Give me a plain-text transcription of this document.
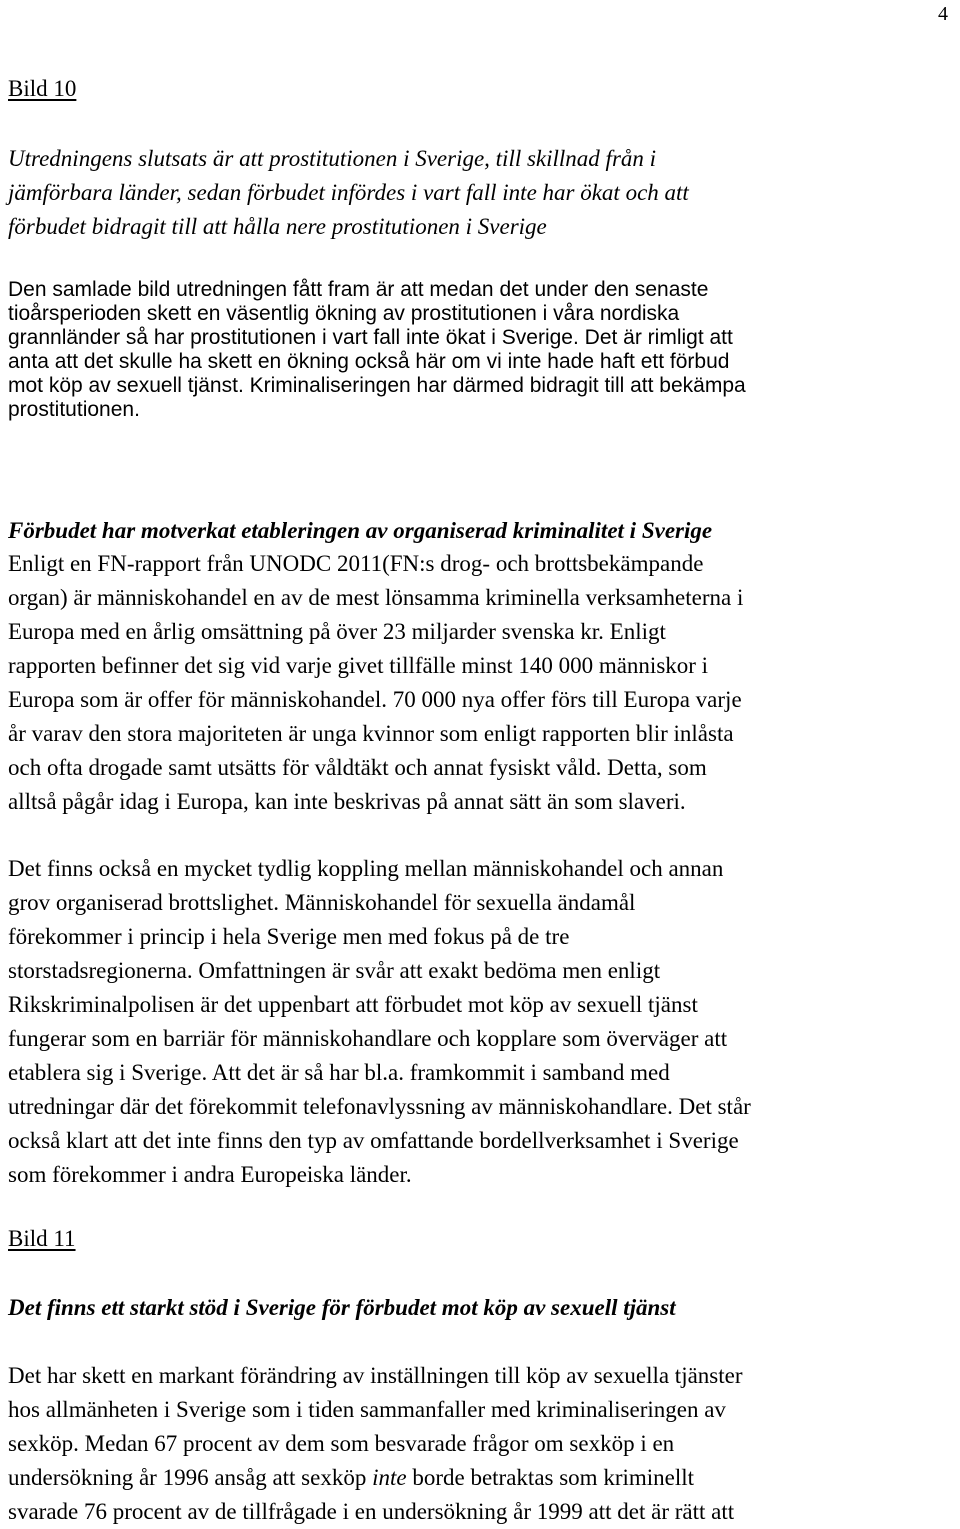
4
Bild 10
Utredningens slutsats är att prostitutionen i Sverige, till skillnad från i
jämförbara länder, sedan förbudet infördes i vart fall inte har ökat och att
förbudet bidragit till att hålla nere prostitutionen i Sverige
Den samlade bild utredningen fått fram är att medan det under den senaste
tioårsperioden skett en väsentlig ökning av prostitutionen i våra nordiska
grannländer så har prostitutionen i vart fall inte ökat i Sverige. Det är rimligt att
anta att det skulle ha skett en ökning också här om vi inte hade haft ett förbud
mot köp av sexuell tjänst. Kriminaliseringen har därmed bidragit till att bekämpa
prostitutionen.
Förbudet har motverkat etableringen av organiserad kriminalitet i Sverige
Enligt en FN-rapport från UNODC 2011(FN:s drog- och brottsbekämpande
organ) är människohandel en av de mest lönsamma kriminella verksamheterna i
Europa med en årlig omsättning på över 23 miljarder svenska kr. Enligt
rapporten befinner det sig vid varje givet tillfälle minst 140 000 människor i
Europa som är offer för människohandel. 70 000 nya offer förs till Europa varje
år varav den stora majoriteten är unga kvinnor som enligt rapporten blir inlåsta
och ofta drogade samt utsätts för våldtäkt och annat fysiskt våld. Detta, som
alltså pågår idag i Europa, kan inte beskrivas på annat sätt än som slaveri.
Det finns också en mycket tydlig koppling mellan människohandel och annan
grov organiserad brottslighet. Människohandel för sexuella ändamål
förekommer i princip i hela Sverige men med fokus på de tre
storstadsregionerna. Omfattningen är svår att exakt bedöma men enligt
Rikskriminalpolisen är det uppenbart att förbudet mot köp av sexuell tjänst
fungerar som en barriär för människohandlare och kopplare som överväger att
etablera sig i Sverige. Att det är så har bl.a. framkommit i samband med
utredningar där det förekommit telefonavlyssning av människohandlare. Det står
också klart att det inte finns den typ av omfattande bordellverksamhet i Sverige
som förekommer i andra Europeiska länder.
Bild 11
Det finns ett starkt stöd i Sverige för förbudet mot köp av sexuell tjänst
Det har skett en markant förändring av inställningen till köp av sexuella tjänster
hos allmänheten i Sverige som i tiden sammanfaller med kriminaliseringen av
sexköp. Medan 67 procent av dem som besvarade frågor om sexköp i en
undersökning år 1996 ansåg att sexköp inte borde betraktas som kriminellt
svarade 76 procent av de tillfrågade i en undersökning år 1999 att det är rätt att
